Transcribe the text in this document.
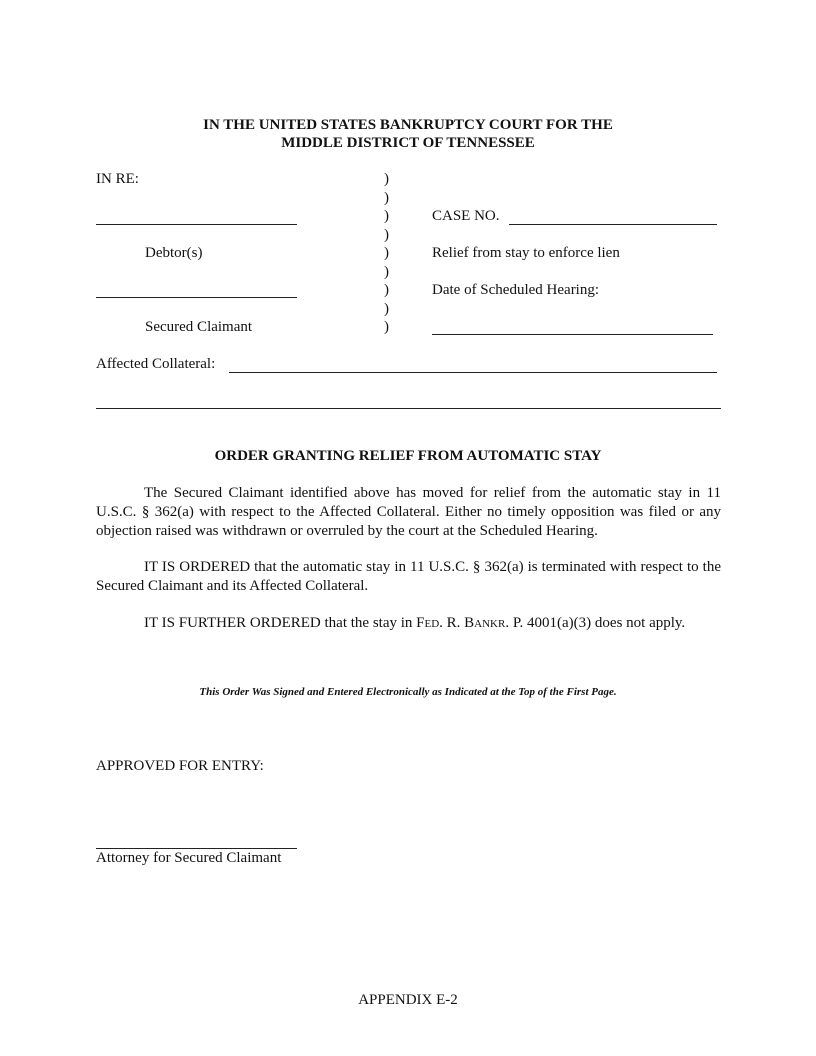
IN THE UNITED STATES BANKRUPTCY COURT FOR THE
MIDDLE DISTRICT OF TENNESSEE
IN RE:
Debtor(s)
Secured Claimant
)
)
)
)
)
)
)
)
)
CASE NO.
Relief from stay to enforce lien
Date of Scheduled Hearing:
Affected Collateral:
ORDER GRANTING RELIEF FROM AUTOMATIC STAY
The Secured Claimant identified above has moved for relief from the automatic stay in 11 U.S.C. § 362(a) with respect to the Affected Collateral. Either no timely opposition was filed or any objection raised was withdrawn or overruled by the court at the Scheduled Hearing.
IT IS ORDERED that the automatic stay in 11 U.S.C. § 362(a) is terminated with respect to the Secured Claimant and its Affected Collateral.
IT IS FURTHER ORDERED that the stay in Fed. R. Bankr. P. 4001(a)(3) does not apply.
This Order Was Signed and Entered Electronically as Indicated at the Top of the First Page.
APPROVED FOR ENTRY:
Attorney for Secured Claimant
APPENDIX E-2
